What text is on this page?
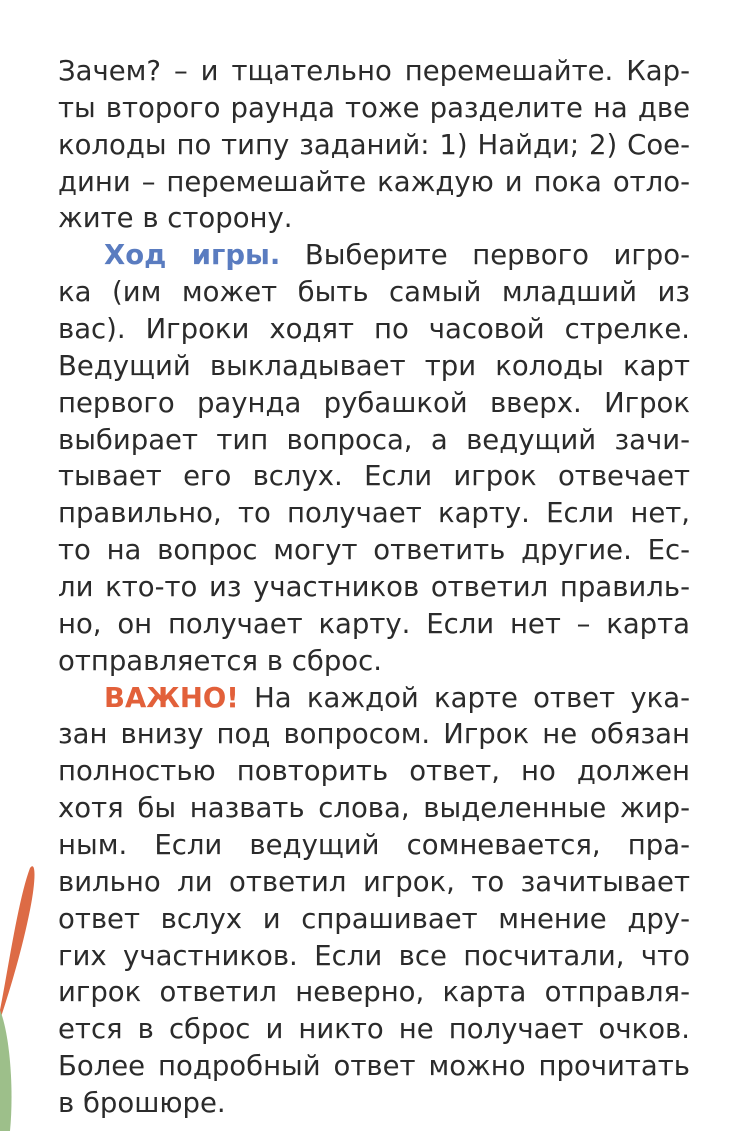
Зачем? – и тщательно перемешайте. Кар-
ты второго раунда тоже разделите на две
колоды по типу заданий: 1) Найди; 2) Сое-
дини – перемешайте каждую и пока отло-
жите в сторону.
Ход игры. Выберите первого игро-
ка (им может быть самый младший из
вас). Игроки ходят по часовой стрелке.
Ведущий выкладывает три колоды карт
первого раунда рубашкой вверх. Игрок
выбирает тип вопроса, а ведущий зачи-
тывает его вслух. Если игрок отвечает
правильно, то получает карту. Если нет,
то на вопрос могут ответить другие. Ес-
ли кто-то из участников ответил правиль-
но, он получает карту. Если нет – карта
отправляется в сброс.
ВАЖНО! На каждой карте ответ ука-
зан внизу под вопросом. Игрок не обязан
полностью повторить ответ, но должен
хотя бы назвать слова, выделенные жир-
ным. Если ведущий сомневается, пра-
вильно ли ответил игрок, то зачитывает
ответ вслух и спрашивает мнение дру-
гих участников. Если все посчитали, что
игрок ответил неверно, карта отправля-
ется в сброс и никто не получает очков.
Более подробный ответ можно прочитать
в брошюре.
